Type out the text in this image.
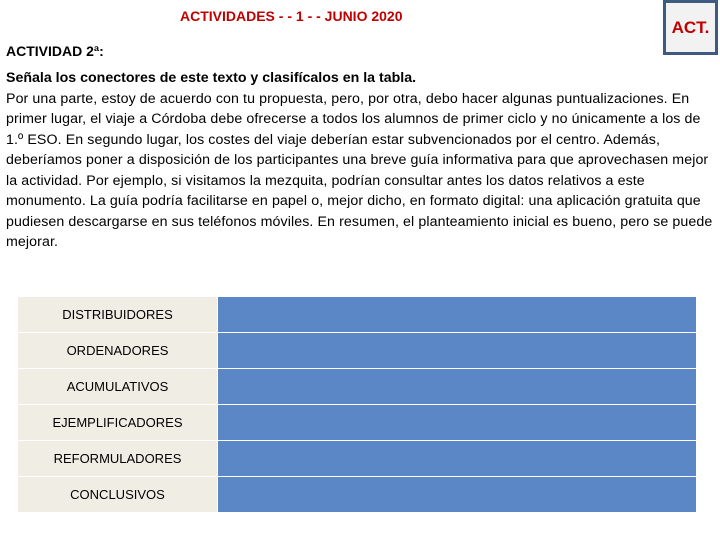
ACTIVIDADES - - 1 - - JUNIO 2020
ACT.
ACTIVIDAD 2ª:
Señala los conectores de este texto y clasifícalos en la tabla.
Por una parte, estoy de acuerdo con tu propuesta, pero, por otra, debo hacer algunas puntualizaciones. En primer lugar, el viaje a Córdoba debe ofrecerse a todos los alumnos de primer ciclo y no únicamente a los de 1.º ESO. En segundo lugar, los costes del viaje deberían estar subvencionados por el centro. Además, deberíamos poner a disposición de los participantes una breve guía informativa para que aprovechasen mejor la actividad. Por ejemplo, si visitamos la mezquita, podrían consultar antes los datos relativos a este monumento. La guía podría facilitarse en papel o, mejor dicho, en formato digital: una aplicación gratuita que pudiesen descargarse en sus teléfonos móviles. En resumen, el planteamiento inicial es bueno, pero se puede mejorar.
DISTRIBUIDORES	
ORDENADORES	
ACUMULATIVOS	
EJEMPLIFICADORES	
REFORMULADORES	
CONCLUSIVOS	
